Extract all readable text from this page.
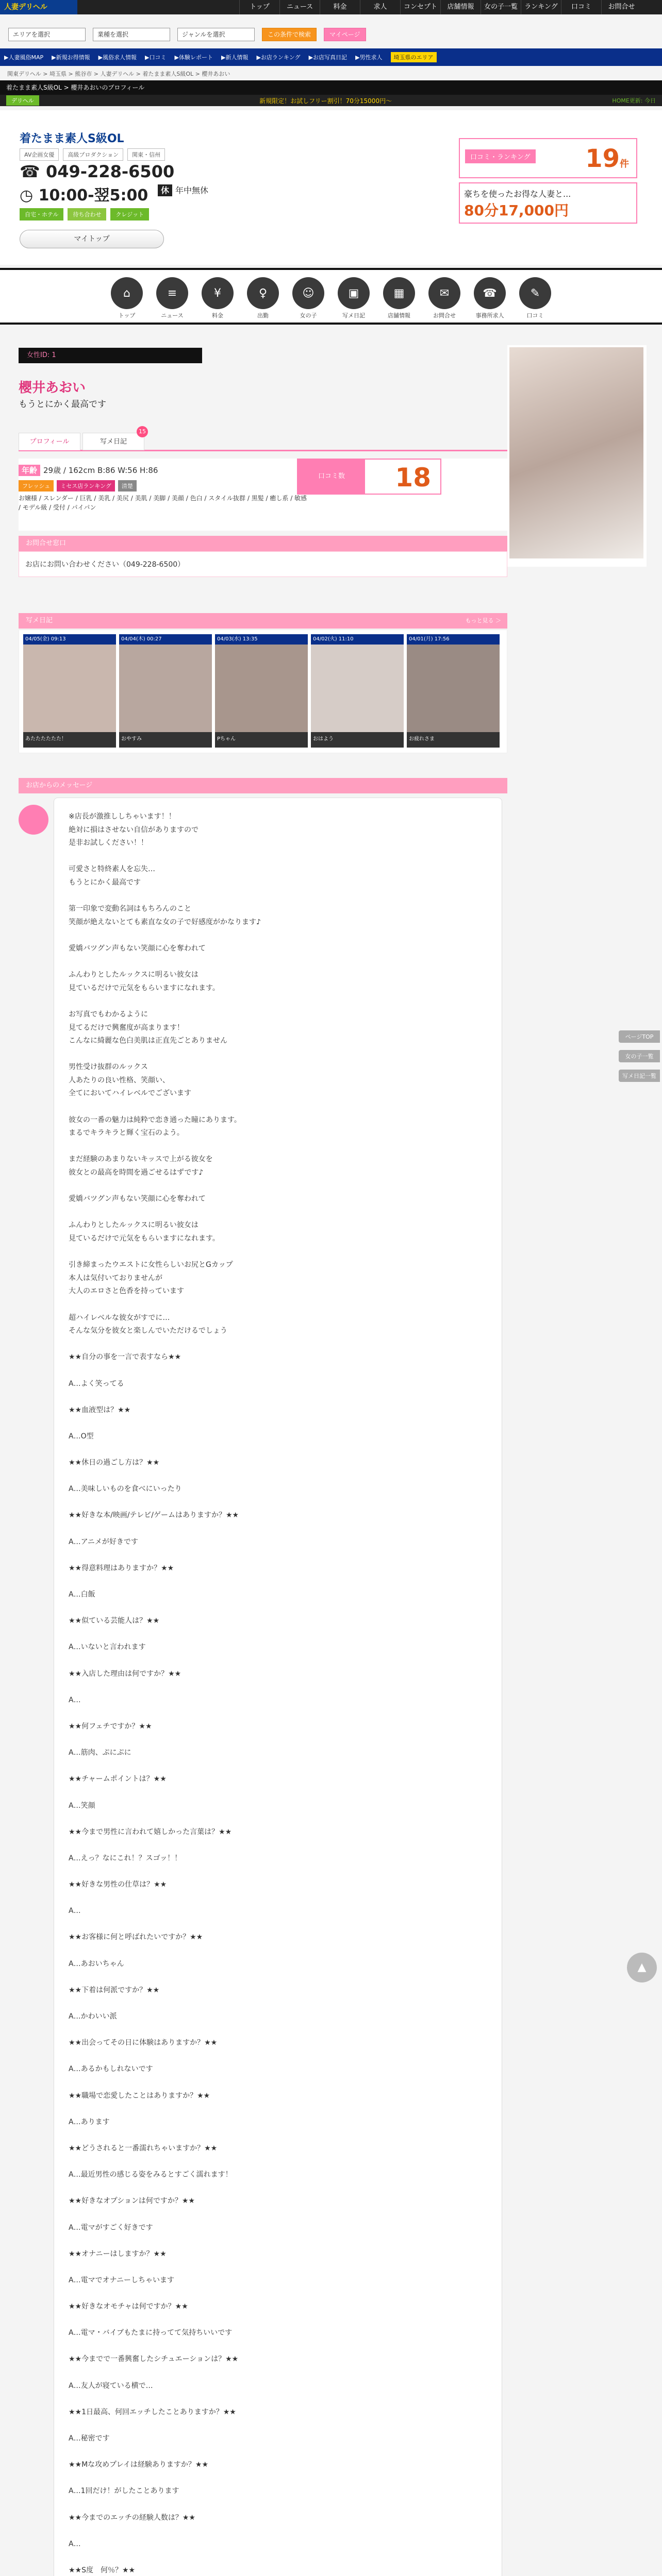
人妻デリヘル	トップ	ニュース	料金	求人	コンセプト	店舗情報	女の子一覧	ランキング	口コミ	お問合せ
エリアを選択	業種を選択	ジャンルを選択	この条件で検索	マイページ
▶人妻風俗MAP ▶新規お得情報 ▶風俗求人情報 ▶口コミ ▶体験レポート ▶新人情報 ▶お店ランキング ▶お店写真日記 ▶男性求人	埼玉県のエリア
関東デリヘル > 埼玉県 > 熊谷市 > 人妻デリヘル > 着たまま素人S級OL > 櫻井あおい
着たまま素人S級OL > 櫻井あおいのプロフィール
デリヘル	新規限定！お試しフリー割引！70分15000円〜	HOME更新: 今日
着たまま素人S級OL
AV企画女優	高級プロダクション	関東・信州
☎ 049-228-6500
◷ 10:00-翌5:00	休 年中無休
自宅・ホテル	待ち合わせ	クレジット
マイトップ
口コミ・ランキング 19件
豪ちを使ったお得な人妻と...
80分17,000円
⌂
トップ
≡
ニュース
¥
料金
♀
出勤
☺
女の子
▣
写メ日記
▦
店舗情報
✉
お問合せ
☎
事務所求人
✎
口コミ
女性ID: 1
櫻井あおい
もうとにかく最高です
プロフィール	写メ日記
15
年齢 29歳 / 162cm B:86 W:56 H:86
フレッシュ	ミセス店ランキング	清楚
お嬢様 / スレンダー / 巨乳 / 美乳 / 美尻 / 美肌 / 美脚 / 美顔 / 色白 / スタイル抜群 / 黒髪 / 癒し系 / 敏感 / モデル級 / 受付 / パイパン
口コミ数	18
お問合せ窓口
お店にお問い合わせください（049-228-6500）
写メ日記	もっと見る ＞
04/05(金) 09:13
あたたたたたた！
04/04(木) 00:27
おやすみ
04/03(水) 13:35
Pちゃん
04/02(火) 11:10
おはよう
04/01(月) 17:56
お疲れさま
お店からのメッセージ
※店長が激推ししちゃいます！！
絶対に損はさせない自信がありますので
是非お試しください！！

可愛さと特終素人を忘失…
もうとにかく最高です

第一印象で変動名詞はもちろんのこと
笑顔が絶えないとても素直な女の子で好感度がかなります♪

愛嬌バツグン声もない笑顔に心を奪われて

ふんわりとしたルックスに明るい彼女は
見ているだけで元気をもらいますになれます。

お写真でもわかるように
見てるだけで興奮度が高まります！
こんなに綺麗な色白美肌は正直先ごとありません

男性受け抜群のルックス
人あたりの良い性格、笑顔い、
全てにおいてハイレベルでございます

彼女の一番の魅力は純粋で恋き通った瞳にあります。
まるでキラキラと輝く宝石のよう。

まだ経験のあまりないキッスで上がる彼女を
彼女との最高を時間を過ごせるはずです♪

愛嬌バツグン声もない笑顔に心を奪われて

ふんわりとしたルックスに明るい彼女は
見ているだけで元気をもらいますになれます。

引き締まったウエストに女性らしいお尻とGカップ
本人は気付いておりませんが
大人のエロさと色香を持っています

超ハイレベルな彼女がすでに…
そんな気分を彼女と楽しんでいただけるでしょう

★★自分の事を一言で表すなら★★

A…よく笑ってる

★★血液型は？★★

A…O型

★★休日の過ごし方は？★★

A…美味しいものを食べにいったり

★★好きな本/映画/テレビ/ゲームはありますか？★★

A…アニメが好きです

★★得意料理はありますか？★★

A…白飯

★★似ている芸能人は？★★

A…いないと言われます

★★入店した理由は何ですか？★★

A…

★★何フェチですか？★★

A…筋肉、ぷにぷに

★★チャームポイントは？★★

A…笑顔

★★今まで男性に言われて嬉しかった言葉は？★★

A…えっ？なにこれ！？スゴッ！！

★★好きな男性の仕草は？★★

A…

★★お客様に何と呼ばれたいですか？★★

A…あおいちゃん

★★下着は何派ですか？★★

A…かわいい派

★★出会ってその日に体験はありますか？★★

A…あるかもしれないです

★★職場で恋愛したことはありますか？★★

A…あります

★★どうされると一番濡れちゃいますか？★★

A…最近男性の感じる姿をみるとすごく濡れます！

★★好きなオプションは何ですか？★★

A…電マがすごく好きです

★★オナニーはしますか？★★

A…電マでオナニーしちゃいます

★★好きなオモチャは何ですか？★★

A…電マ・バイブもたまに持ってて気持ちいいです

★★今までで一番興奮したシチュエーションは？★★

A…友人が寝ている横で…

★★1日最高、何回エッチしたことありますか？★★

A…秘密です

★★Mな攻めプレイは経験ありますか？★★

A…1回だけ！がしたことあります

★★今までのエッチの経験人数は？★★

A…

★★S度　何％？★★

ページTOP
女の子一覧
写メ日記一覧
▲
